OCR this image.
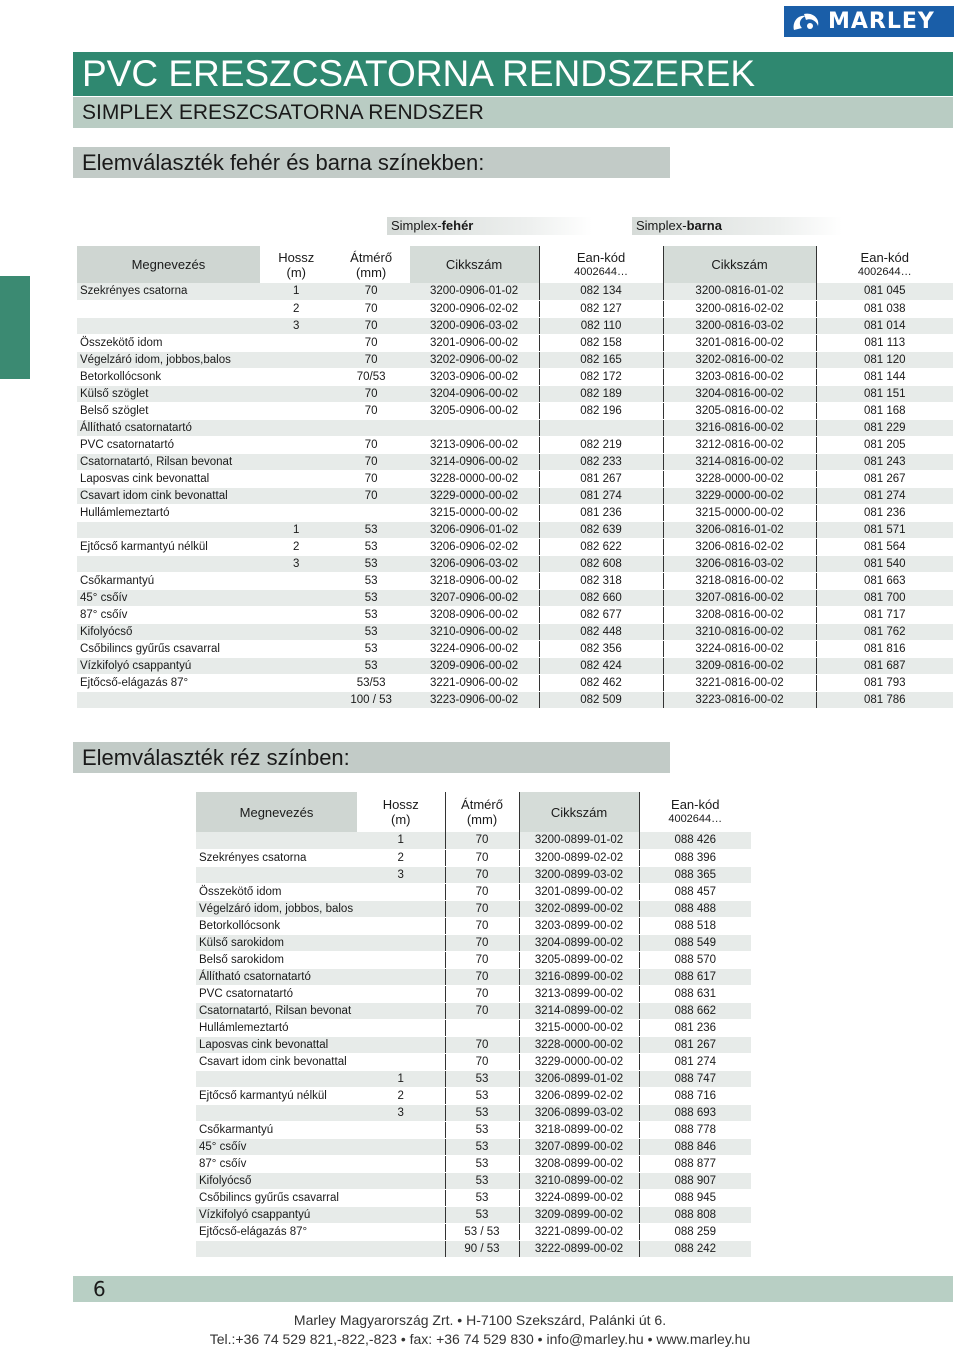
MARLEY
PVC ERESZCSATORNA RENDSZEREK
SIMPLEX ERESZCSATORNA RENDSZER
Elemválaszték fehér és barna színekben:
Simplex-fehér	Simplex-barna
Megnevezés	Hossz
(m)	Átmérő
(mm)	Cikkszám	Ean-kód
4002644…	Cikkszám	Ean-kód
4002644…

Szekrényes csatorna	1	70	3200-0906-01-02	082 134	3200-0816-01-02	081 045
	2	70	3200-0906-02-02	082 127	3200-0816-02-02	081 038
	3	70	3200-0906-03-02	082 110	3200-0816-03-02	081 014
Összekötő idom		70	3201-0906-00-02	082 158	3201-0816-00-02	081 113
Végelzáró idom, jobbos,balos		70	3202-0906-00-02	082 165	3202-0816-00-02	081 120
Betorkollócsonk		70/53	3203-0906-00-02	082 172	3203-0816-00-02	081 144
Külső szöglet		70	3204-0906-00-02	082 189	3204-0816-00-02	081 151
Belső szöglet		70	3205-0906-00-02	082 196	3205-0816-00-02	081 168
Állítható csatornatartó					3216-0816-00-02	081 229
PVC csatornatartó		70	3213-0906-00-02	082 219	3212-0816-00-02	081 205
Csatornatartó, Rilsan bevonat		70	3214-0906-00-02	082 233	3214-0816-00-02	081 243
Laposvas cink bevonattal		70	3228-0000-00-02	081 267	3228-0000-00-02	081 267
Csavart idom cink bevonattal		70	3229-0000-00-02	081 274	3229-0000-00-02	081 274
Hullámlemeztartó			3215-0000-00-02	081 236	3215-0000-00-02	081 236
	1	53	3206-0906-01-02	082 639	3206-0816-01-02	081 571
Ejtőcső karmantyú nélkül	2	53	3206-0906-02-02	082 622	3206-0816-02-02	081 564
	3	53	3206-0906-03-02	082 608	3206-0816-03-02	081 540
Csőkarmantyú		53	3218-0906-00-02	082 318	3218-0816-00-02	081 663
45° csőív		53	3207-0906-00-02	082 660	3207-0816-00-02	081 700
87° csőív		53	3208-0906-00-02	082 677	3208-0816-00-02	081 717
Kifolyócső		53	3210-0906-00-02	082 448	3210-0816-00-02	081 762
Csőbilincs gyűrűs csavarral		53	3224-0906-00-02	082 356	3224-0816-00-02	081 816
Vízkifolyó csappantyú		53	3209-0906-00-02	082 424	3209-0816-00-02	081 687
Ejtőcső-elágazás 87°		53/53	3221-0906-00-02	082 462	3221-0816-00-02	081 793
		100 / 53	3223-0906-00-02	082 509	3223-0816-00-02	081 786
Elemválaszték réz színben:
Megnevezés	Hossz
(m)	Átmérő
(mm)	Cikkszám	Ean-kód
4002644…

	1	70	3200-0899-01-02	088 426
Szekrényes csatorna	2	70	3200-0899-02-02	088 396
	3	70	3200-0899-03-02	088 365
Összekötő idom		70	3201-0899-00-02	088 457
Végelzáró idom, jobbos, balos		70	3202-0899-00-02	088 488
Betorkollócsonk		70	3203-0899-00-02	088 518
Külső sarokidom		70	3204-0899-00-02	088 549
Belső sarokidom		70	3205-0899-00-02	088 570
Állítható csatornatartó		70	3216-0899-00-02	088 617
PVC csatornatartó		70	3213-0899-00-02	088 631
Csatornatartó, Rilsan bevonat		70	3214-0899-00-02	088 662
Hullámlemeztartó			3215-0000-00-02	081 236
Laposvas cink bevonattal		70	3228-0000-00-02	081 267
Csavart idom cink bevonattal		70	3229-0000-00-02	081 274
	1	53	3206-0899-01-02	088 747
Ejtőcső karmantyú nélkül	2	53	3206-0899-02-02	088 716
	3	53	3206-0899-03-02	088 693
Csőkarmantyú		53	3218-0899-00-02	088 778
45° csőív		53	3207-0899-00-02	088 846
87° csőív		53	3208-0899-00-02	088 877
Kifolyócső		53	3210-0899-00-02	088 907
Csőbilincs gyűrűs csavarral		53	3224-0899-00-02	088 945
Vízkifolyó csappantyú		53	3209-0899-00-02	088 808
Ejtőcső-elágazás 87°		53 / 53	3221-0899-00-02	088 259
		90 / 53	3222-0899-00-02	088 242
6
Marley Magyarország Zrt. • H-7100 Szekszárd, Palánki út 6.
Tel.:+36 74 529 821,-822,-823 • fax: +36 74 529 830 • info@marley.hu • www.marley.hu
